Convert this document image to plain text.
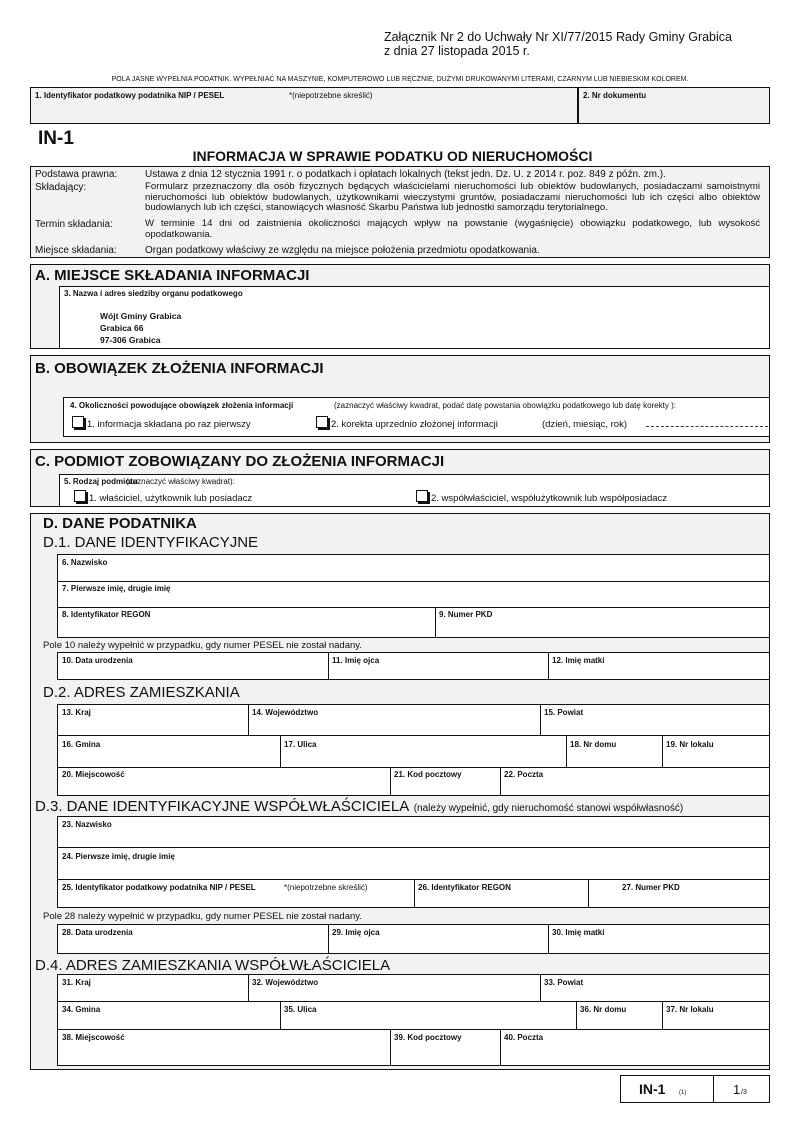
Załącznik Nr 2 do Uchwały Nr XI/77/2015 Rady Gminy Grabica
z dnia 27 listopada 2015 r.
POLA JASNE WYPEŁNIA PODATNIK. WYPEŁNIAĆ NA MASZYNIE, KOMPUTEROWO LUB RĘCZNIE, DUŻYMI DRUKOWANYMI LITERAMI, CZARNYM LUB NIEBIESKIM KOLOREM.
1. Identyfikator podatkowy podatnika NIP / PESEL	*(niepotrzebne skreślić)	2. Nr dokumentu
IN-1
INFORMACJA W SPRAWIE PODATKU OD NIERUCHOMOŚCI
Podstawa prawna:	Ustawa z dnia 12 stycznia 1991 r. o podatkach i opłatach lokalnych (tekst jedn. Dz. U. z 2014 r. poz. 849 z późn. zm.).
Składający:	Formularz przeznaczony dla osób fizycznych będących właścicielami nieruchomości lub obiektów budowlanych, posiadaczami samoistnymi nieruchomości lub obiektów budowlanych, użytkownikami wieczystymi gruntów, posiadaczami nieruchomości lub ich części albo obiektów budowlanych lub ich części, stanowiących własność Skarbu Państwa lub jednostki samorządu terytorialnego.
Termin składania:	W terminie 14 dni od zaistnienia okoliczności mających wpływ na powstanie (wygaśnięcie) obowiązku podatkowego, lub wysokość opodatkowania.
Miejsce składania:	Organ podatkowy właściwy ze względu na miejsce położenia przedmiotu opodatkowania.
A. MIEJSCE SKŁADANIA INFORMACJI
3. Nazwa i adres siedziby organu podatkowego
Wójt Gminy Grabica
Grabica 66
97-306 Grabica
B. OBOWIĄZEK ZŁOŻENIA INFORMACJI
4. Okoliczności powodujące obowiązek złożenia informacji	(zaznaczyć właściwy kwadrat, podać datę powstania obowiązku podatkowego lub datę korekty ):
1. informacja składana po raz pierwszy	2. korekta uprzednio złożonej informacji	(dzień, miesiąc, rok)
C. PODMIOT ZOBOWIĄZANY DO ZŁOŻENIA INFORMACJI
5. Rodzaj podmiotu
(zaznaczyć właściwy kwadrat):
1. właściciel, użytkownik lub posiadacz	2. współwłaściciel, współużytkownik lub współposiadacz
D. DANE PODATNIKA
D.1. DANE IDENTYFIKACYJNE
6. Nazwisko
7. Pierwsze imię, drugie imię
8. Identyfikator REGON	9. Numer PKD
Pole 10 należy wypełnić w przypadku, gdy numer PESEL nie został nadany.
10. Data urodzenia	11. Imię ojca	12. Imię matki
D.2. ADRES ZAMIESZKANIA
13. Kraj	14. Województwo	15. Powiat
16. Gmina	17. Ulica	18. Nr domu	19. Nr lokalu
20. Miejscowość	21. Kod pocztowy	22. Poczta
D.3. DANE IDENTYFIKACYJNE WSPÓŁWŁAŚCICIELA (należy wypełnić, gdy nieruchomość stanowi współwłasność)
23. Nazwisko
24. Pierwsze imię, drugie imię
25. Identyfikator podatkowy podatnika NIP / PESEL	*(niepotrzebne skreślić)	26. Identyfikator REGON	27. Numer PKD
Pole 28 należy wypełnić w przypadku, gdy numer PESEL nie został nadany.
28. Data urodzenia	29. Imię ojca	30. Imię matki
D.4. ADRES ZAMIESZKANIA WSPÓŁWŁAŚCICIELA
31. Kraj	32. Województwo	33. Powiat
34. Gmina	35. Ulica	36. Nr domu	37. Nr lokalu
38. Miejscowość	39. Kod pocztowy	40. Poczta
IN-1 (1)	1 /3
